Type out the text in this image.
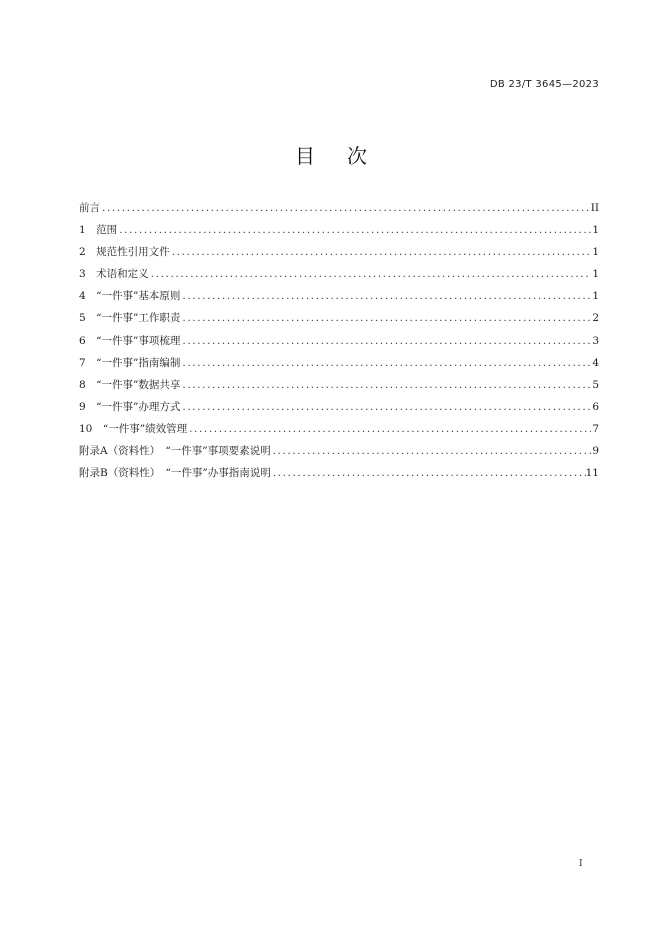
DB 23/T 3645—2023
目次
前言 .....	II
1　范围 .....	1
2　规范性引用文件 .....	1
3　术语和定义 .....	1
4　“一件事”基本原则 .....	1
5　“一件事”工作职责 .....	2
6　“一件事”事项梳理 .....	3
7　“一件事”指南编制 .....	4
8　“一件事”数据共享 .....	5
9　“一件事”办理方式 .....	6
10　“一件事”绩效管理 .....	7
附录A（资料性）　“一件事”事项要素说明 .....	9
附录B（资料性）　“一件事”办事指南说明 .....	11
I
